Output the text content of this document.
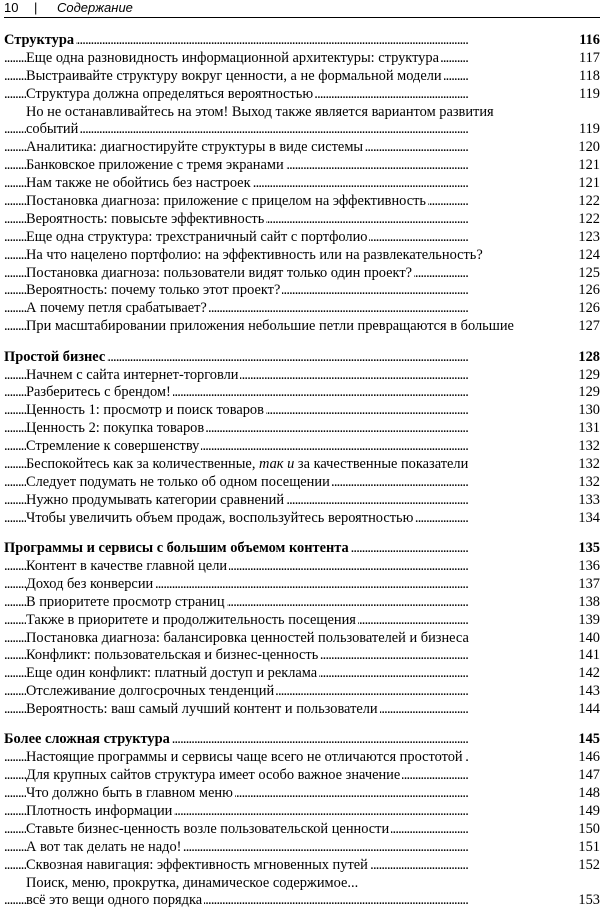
10 | Содержание
. . . Структура	116
. . . Еще одна разновидность информационной архитектуры: структура	117
. . . Выстраивайте структуру вокруг ценности, а не формальной модели	118
. . . Структура должна определяться вероятностью	119
Но не останавливайтесь на этом! Выход также является вариантом развития
. . . событий	119
. . . Аналитика: диагностируйте структуры в виде системы	120
. . . Банковское приложение с тремя экранами	121
. . . Нам также не обойтись без настроек	121
. . . Постановка диагноза: приложение с прицелом на эффективность	122
. . . Вероятность: повысьте эффективность	122
. . . Еще одна структура: трехстраничный сайт с портфолио	123
. . . На что нацелено портфолио: на эффективность или на развлекательность?	124
. . . Постановка диагноза: пользователи видят только один проект?	125
. . . Вероятность: почему только этот проект?	126
. . . А почему петля срабатывает?	126
. . . При масштабировании приложения небольшие петли превращаются в большие	127
. . . Простой бизнес	128
. . . Начнем с сайта интернет-торговли	129
. . . Разберитесь с брендом!	129
. . . Ценность 1: просмотр и поиск товаров	130
. . . Ценность 2: покупка товаров	131
. . . Стремление к совершенству	132
. . . Беспокойтесь как за количественные, так и за качественные показатели	132
. . . Следует подумать не только об одном посещении	132
. . . Нужно продумывать категории сравнений	133
. . . Чтобы увеличить объем продаж, воспользуйтесь вероятностью	134
. . . Программы и сервисы с большим объемом контента	135
. . . Контент в качестве главной цели	136
. . . Доход без конверсии	137
. . . В приоритете просмотр страниц	138
. . . Также в приоритете и продолжительность посещения	139
. . . Постановка диагноза: балансировка ценностей пользователей и бизнеса	140
. . . Конфликт: пользовательская и бизнес-ценность	141
. . . Еще один конфликт: платный доступ и реклама	142
. . . Отслеживание долгосрочных тенденций	143
. . . Вероятность: ваш самый лучший контент и пользователи	144
. . . Более сложная структура	145
. . . Настоящие программы и сервисы чаще всего не отличаются простотой	146
. . . Для крупных сайтов структура имеет особо важное значение	147
. . . Что должно быть в главном меню	148
. . . Плотность информации	149
. . . Ставьте бизнес-ценность возле пользовательской ценности	150
. . . А вот так делать не надо!	151
. . . Сквозная навигация: эффективность мгновенных путей	152
Поиск, меню, прокрутка, динамическое содержимое...
. . . всё это вещи одного порядка	153
